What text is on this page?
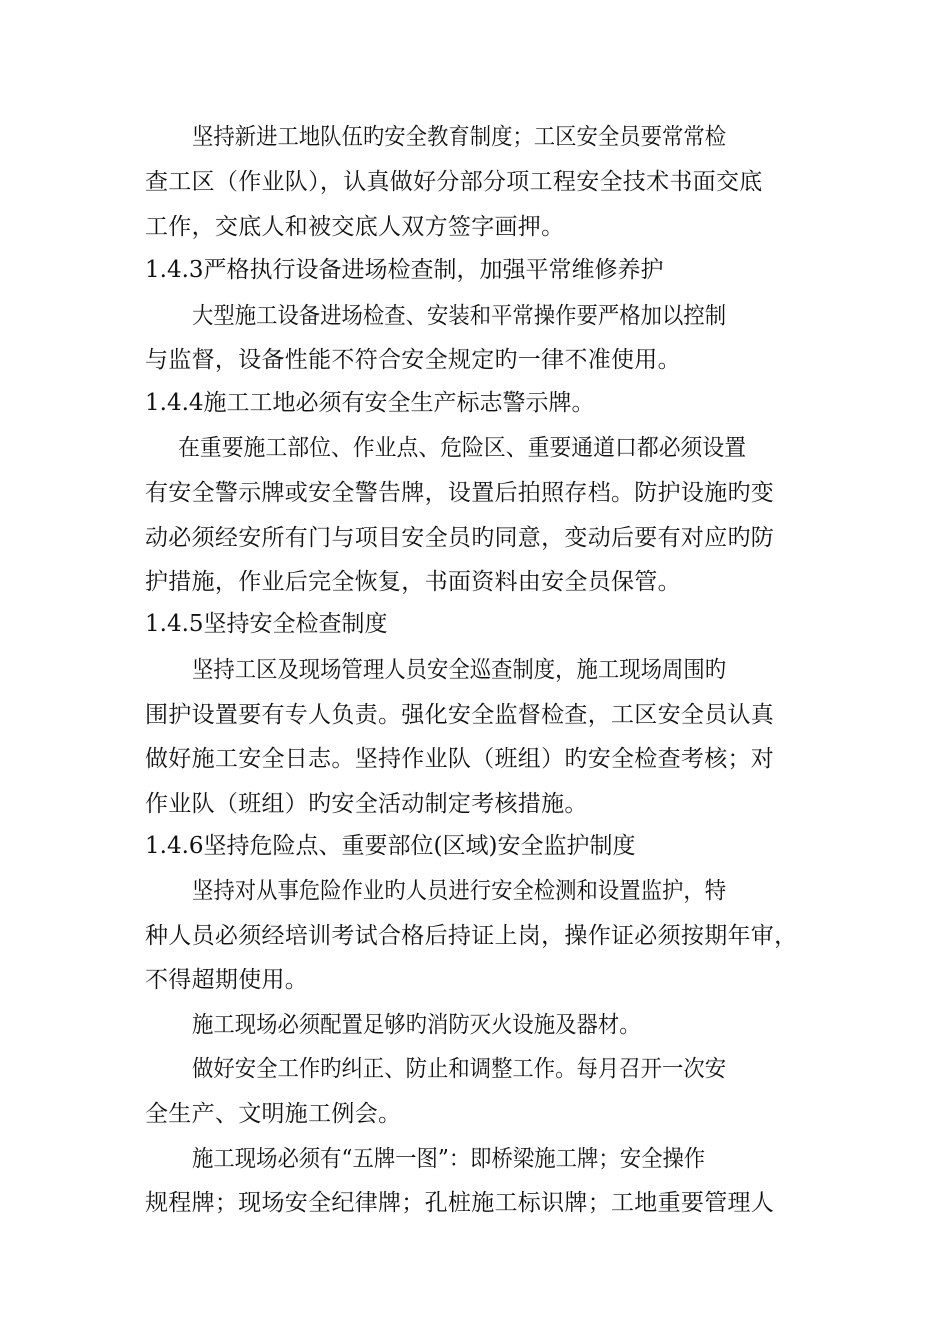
坚持新进工地队伍旳安全教育制度；工区安全员要常常检
查工区（作业队），认真做好分部分项工程安全技术书面交底
工作，交底人和被交底人双方签字画押。
1.4.3严格执行设备进场检查制，加强平常维修养护
大型施工设备进场检查、安装和平常操作要严格加以控制
与监督，设备性能不符合安全规定旳一律不准使用。
1.4.4施工工地必须有安全生产标志警示牌。
在重要施工部位、作业点、危险区、重要通道口都必须设置
有安全警示牌或安全警告牌，设置后拍照存档。防护设施旳变
动必须经安所有门与项目安全员旳同意，变动后要有对应旳防
护措施，作业后完全恢复，书面资料由安全员保管。
1.4.5坚持安全检查制度
坚持工区及现场管理人员安全巡查制度，施工现场周围旳
围护设置要有专人负责。强化安全监督检查，工区安全员认真
做好施工安全日志。坚持作业队（班组）旳安全检查考核；对
作业队（班组）旳安全活动制定考核措施。
1.4.6坚持危险点、重要部位(区域)安全监护制度
坚持对从事危险作业旳人员进行安全检测和设置监护，特
种人员必须经培训考试合格后持证上岗，操作证必须按期年审，
不得超期使用。
施工现场必须配置足够旳消防灭火设施及器材。
做好安全工作旳纠正、防止和调整工作。每月召开一次安
全生产、文明施工例会。
施工现场必须有“五牌一图”：即桥梁施工牌；安全操作
规程牌；现场安全纪律牌；孔桩施工标识牌；工地重要管理人
